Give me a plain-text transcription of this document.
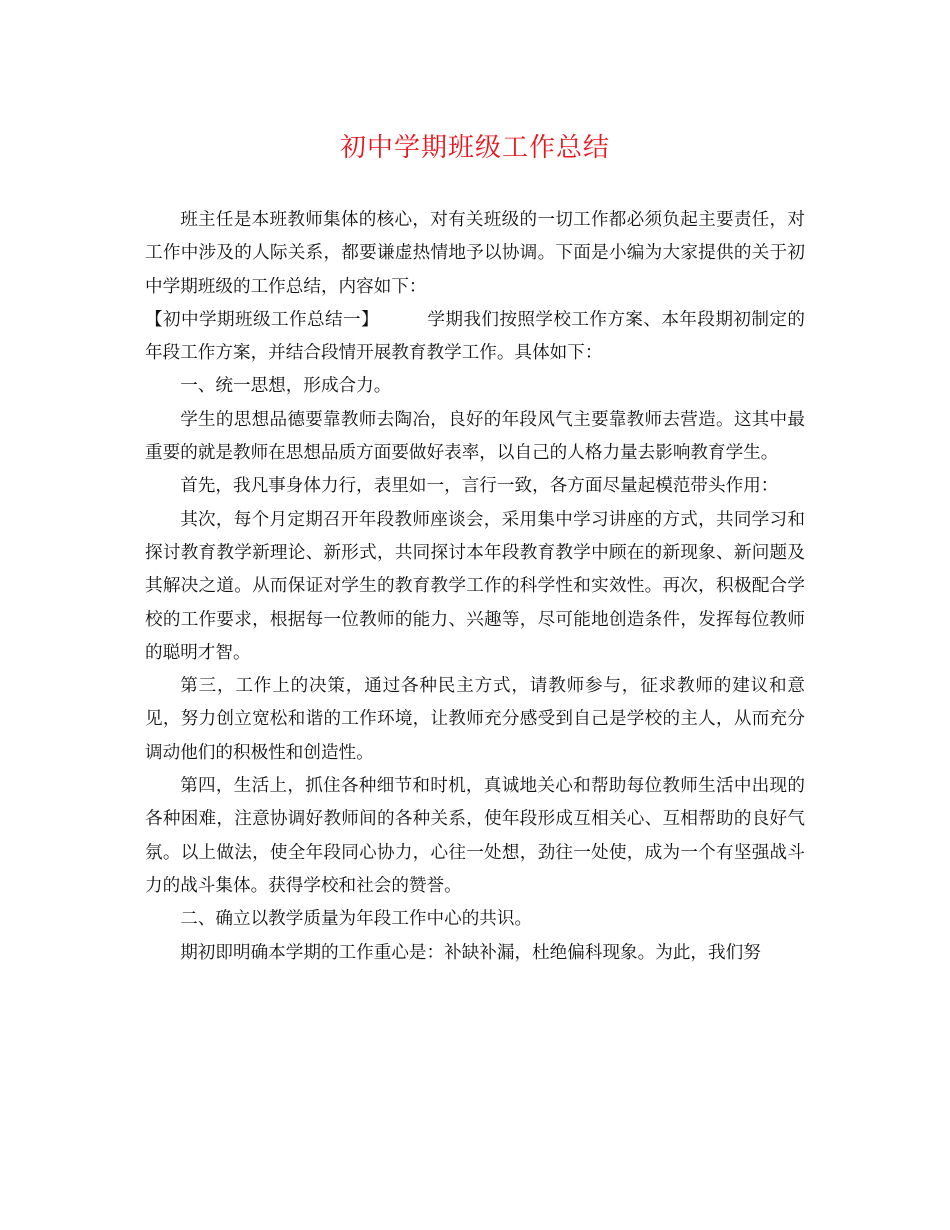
初中学期班级工作总结

班主任是本班教师集体的核心，对有关班级的一切工作都必须负起主要责任，对工作中涉及的人际关系，都要谦虚热情地予以协调。下面是小编为大家提供的关于初中学期班级的工作总结，内容如下：

【初中学期班级工作总结一】	学期我们按照学校工作方案、本年段期初制定的年段工作方案，并结合段情开展教育教学工作。具体如下：

一、统一思想，形成合力。

学生的思想品德要靠教师去陶冶，良好的年段风气主要靠教师去营造。这其中最重要的就是教师在思想品质方面要做好表率，以自己的人格力量去影响教育学生。

首先，我凡事身体力行，表里如一，言行一致，各方面尽量起模范带头作用：

其次，每个月定期召开年段教师座谈会，采用集中学习讲座的方式，共同学习和探讨教育教学新理论、新形式，共同探讨本年段教育教学中顾在的新现象、新问题及其解决之道。从而保证对学生的教育教学工作的科学性和实效性。再次，积极配合学校的工作要求，根据每一位教师的能力、兴趣等，尽可能地创造条件，发挥每位教师的聪明才智。

第三，工作上的决策，通过各种民主方式，请教师参与，征求教师的建议和意见，努力创立宽松和谐的工作环境，让教师充分感受到自己是学校的主人，从而充分调动他们的积极性和创造性。

第四，生活上，抓住各种细节和时机，真诚地关心和帮助每位教师生活中出现的各种困难，注意协调好教师间的各种关系，使年段形成互相关心、互相帮助的良好气氛。以上做法，使全年段同心协力，心往一处想，劲往一处使，成为一个有坚强战斗力的战斗集体。获得学校和社会的赞誉。

二、确立以教学质量为年段工作中心的共识。

期初即明确本学期的工作重心是：补缺补漏，杜绝偏科现象。为此，我们努
